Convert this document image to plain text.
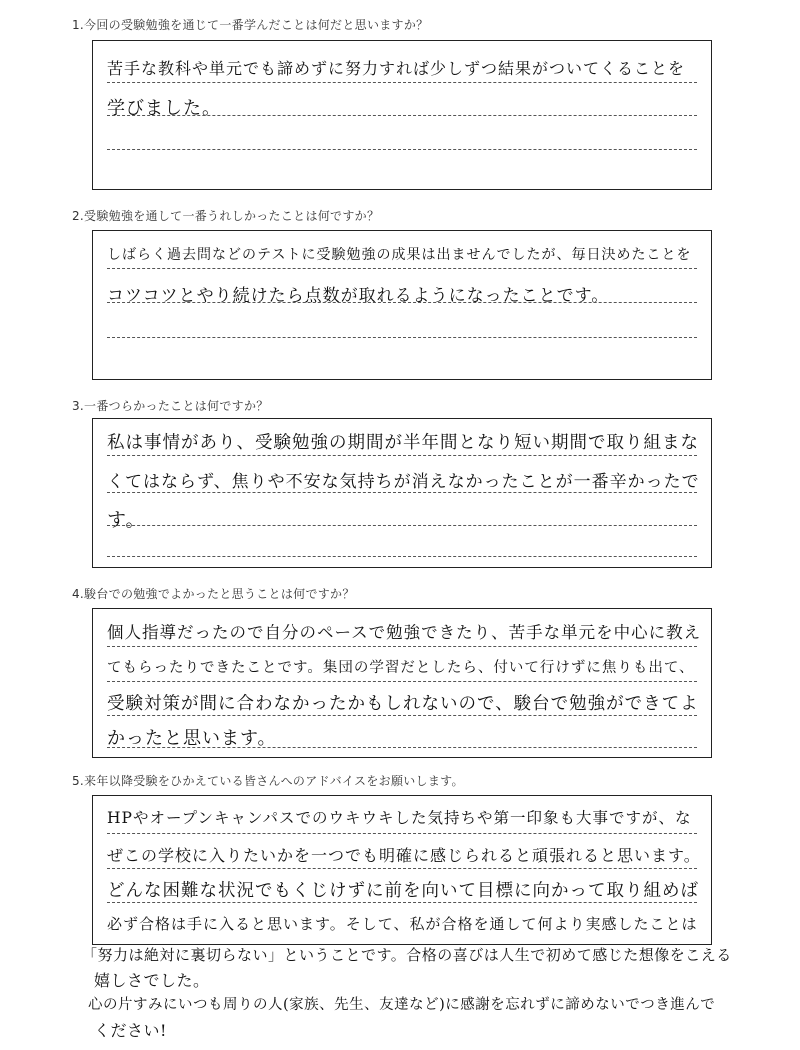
1.今回の受験勉強を通じて一番学んだことは何だと思いますか？
苦手な教科や単元でも諦めずに努力すれば少しずつ結果がついてくることを
学びました。
2.受験勉強を通して一番うれしかったことは何ですか？
しばらく過去問などのテストに受験勉強の成果は出ませんでしたが、毎日決めたことを
コツコツとやり続けたら点数が取れるようになったことです。
3.一番つらかったことは何ですか？
私は事情があり、受験勉強の期間が半年間となり短い期間で取り組まな
くてはならず、焦りや不安な気持ちが消えなかったことが一番辛かったで
す。
4.駿台での勉強でよかったと思うことは何ですか？
個人指導だったので自分のペースで勉強できたり、苦手な単元を中心に教え
てもらったりできたことです。集団の学習だとしたら、付いて行けずに焦りも出て、
受験対策が間に合わなかったかもしれないので、駿台で勉強ができてよ
かったと思います。
5.来年以降受験をひかえている皆さんへのアドバイスをお願いします。
HPやオープンキャンパスでのウキウキした気持ちや第一印象も大事ですが、な
ぜこの学校に入りたいかを一つでも明確に感じられると頑張れると思います。
どんな困難な状況でもくじけずに前を向いて目標に向かって取り組めば
必ず合格は手に入ると思います。そして、私が合格を通して何より実感したことは
「努力は絶対に裏切らない」ということです。合格の喜びは人生で初めて感じた想像をこえる
嬉しさでした。
心の片すみにいつも周りの人(家族、先生、友達など)に感謝を忘れずに諦めないでつき進んで
ください!
